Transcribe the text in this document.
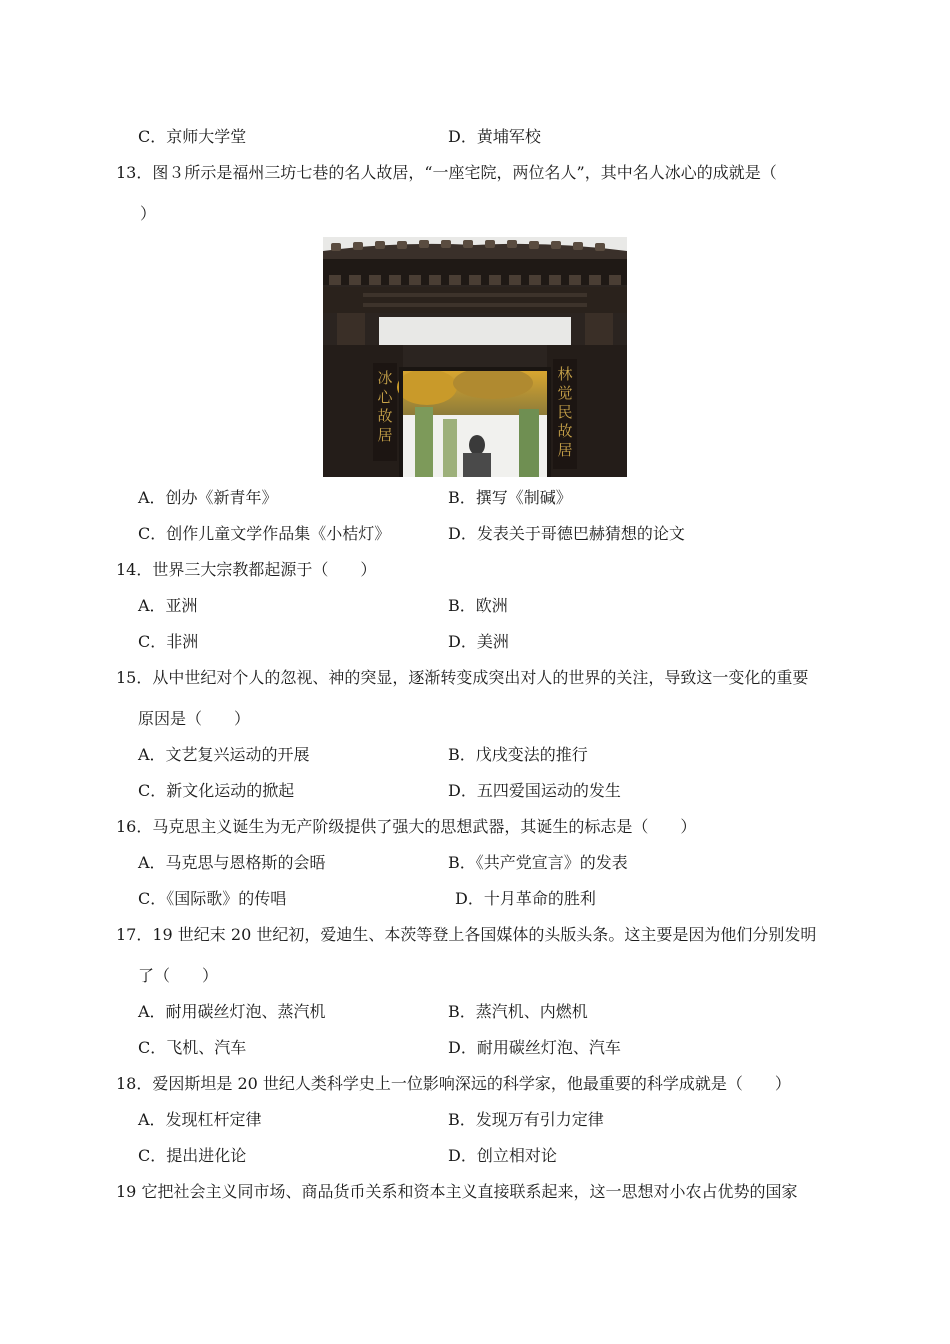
C．京师大学堂	D．黄埔军校
13．图３所示是福州三坊七巷的名人故居，“一座宅院，两位名人”，其中名人冰心的成就是（
）
冰心故居
林觉民故居
A．创办《新青年》	B．撰写《制碱》
C．创作儿童文学作品集《小桔灯》	D．发表关于哥德巴赫猜想的论文
14．世界三大宗教都起源于（　　）
A．亚洲	B．欧洲
C．非洲	D．美洲
15．从中世纪对个人的忽视、神的突显，逐渐转变成突出对人的世界的关注，导致这一变化的重要
原因是（　　）
A．文艺复兴运动的开展	B．戊戌变法的推行
C．新文化运动的掀起	D．五四爱国运动的发生
16．马克思主义诞生为无产阶级提供了强大的思想武器，其诞生的标志是（　　）
A．马克思与恩格斯的会晤	B．《共产党宣言》的发表
C．《国际歌》的传唱	D．十月革命的胜利
17．19 世纪末 20 世纪初，爱迪生、本茨等登上各国媒体的头版头条。这主要是因为他们分别发明
了（　　）
A．耐用碳丝灯泡、蒸汽机	B．蒸汽机、内燃机
C．飞机、汽车	D．耐用碳丝灯泡、汽车
18．爱因斯坦是 20 世纪人类科学史上一位影响深远的科学家，他最重要的科学成就是（　　）
A．发现杠杆定律	B．发现万有引力定律
C．提出进化论	D．创立相对论
19 它把社会主义同市场、商品货币关系和资本主义直接联系起来，这一思想对小农占优势的国家
